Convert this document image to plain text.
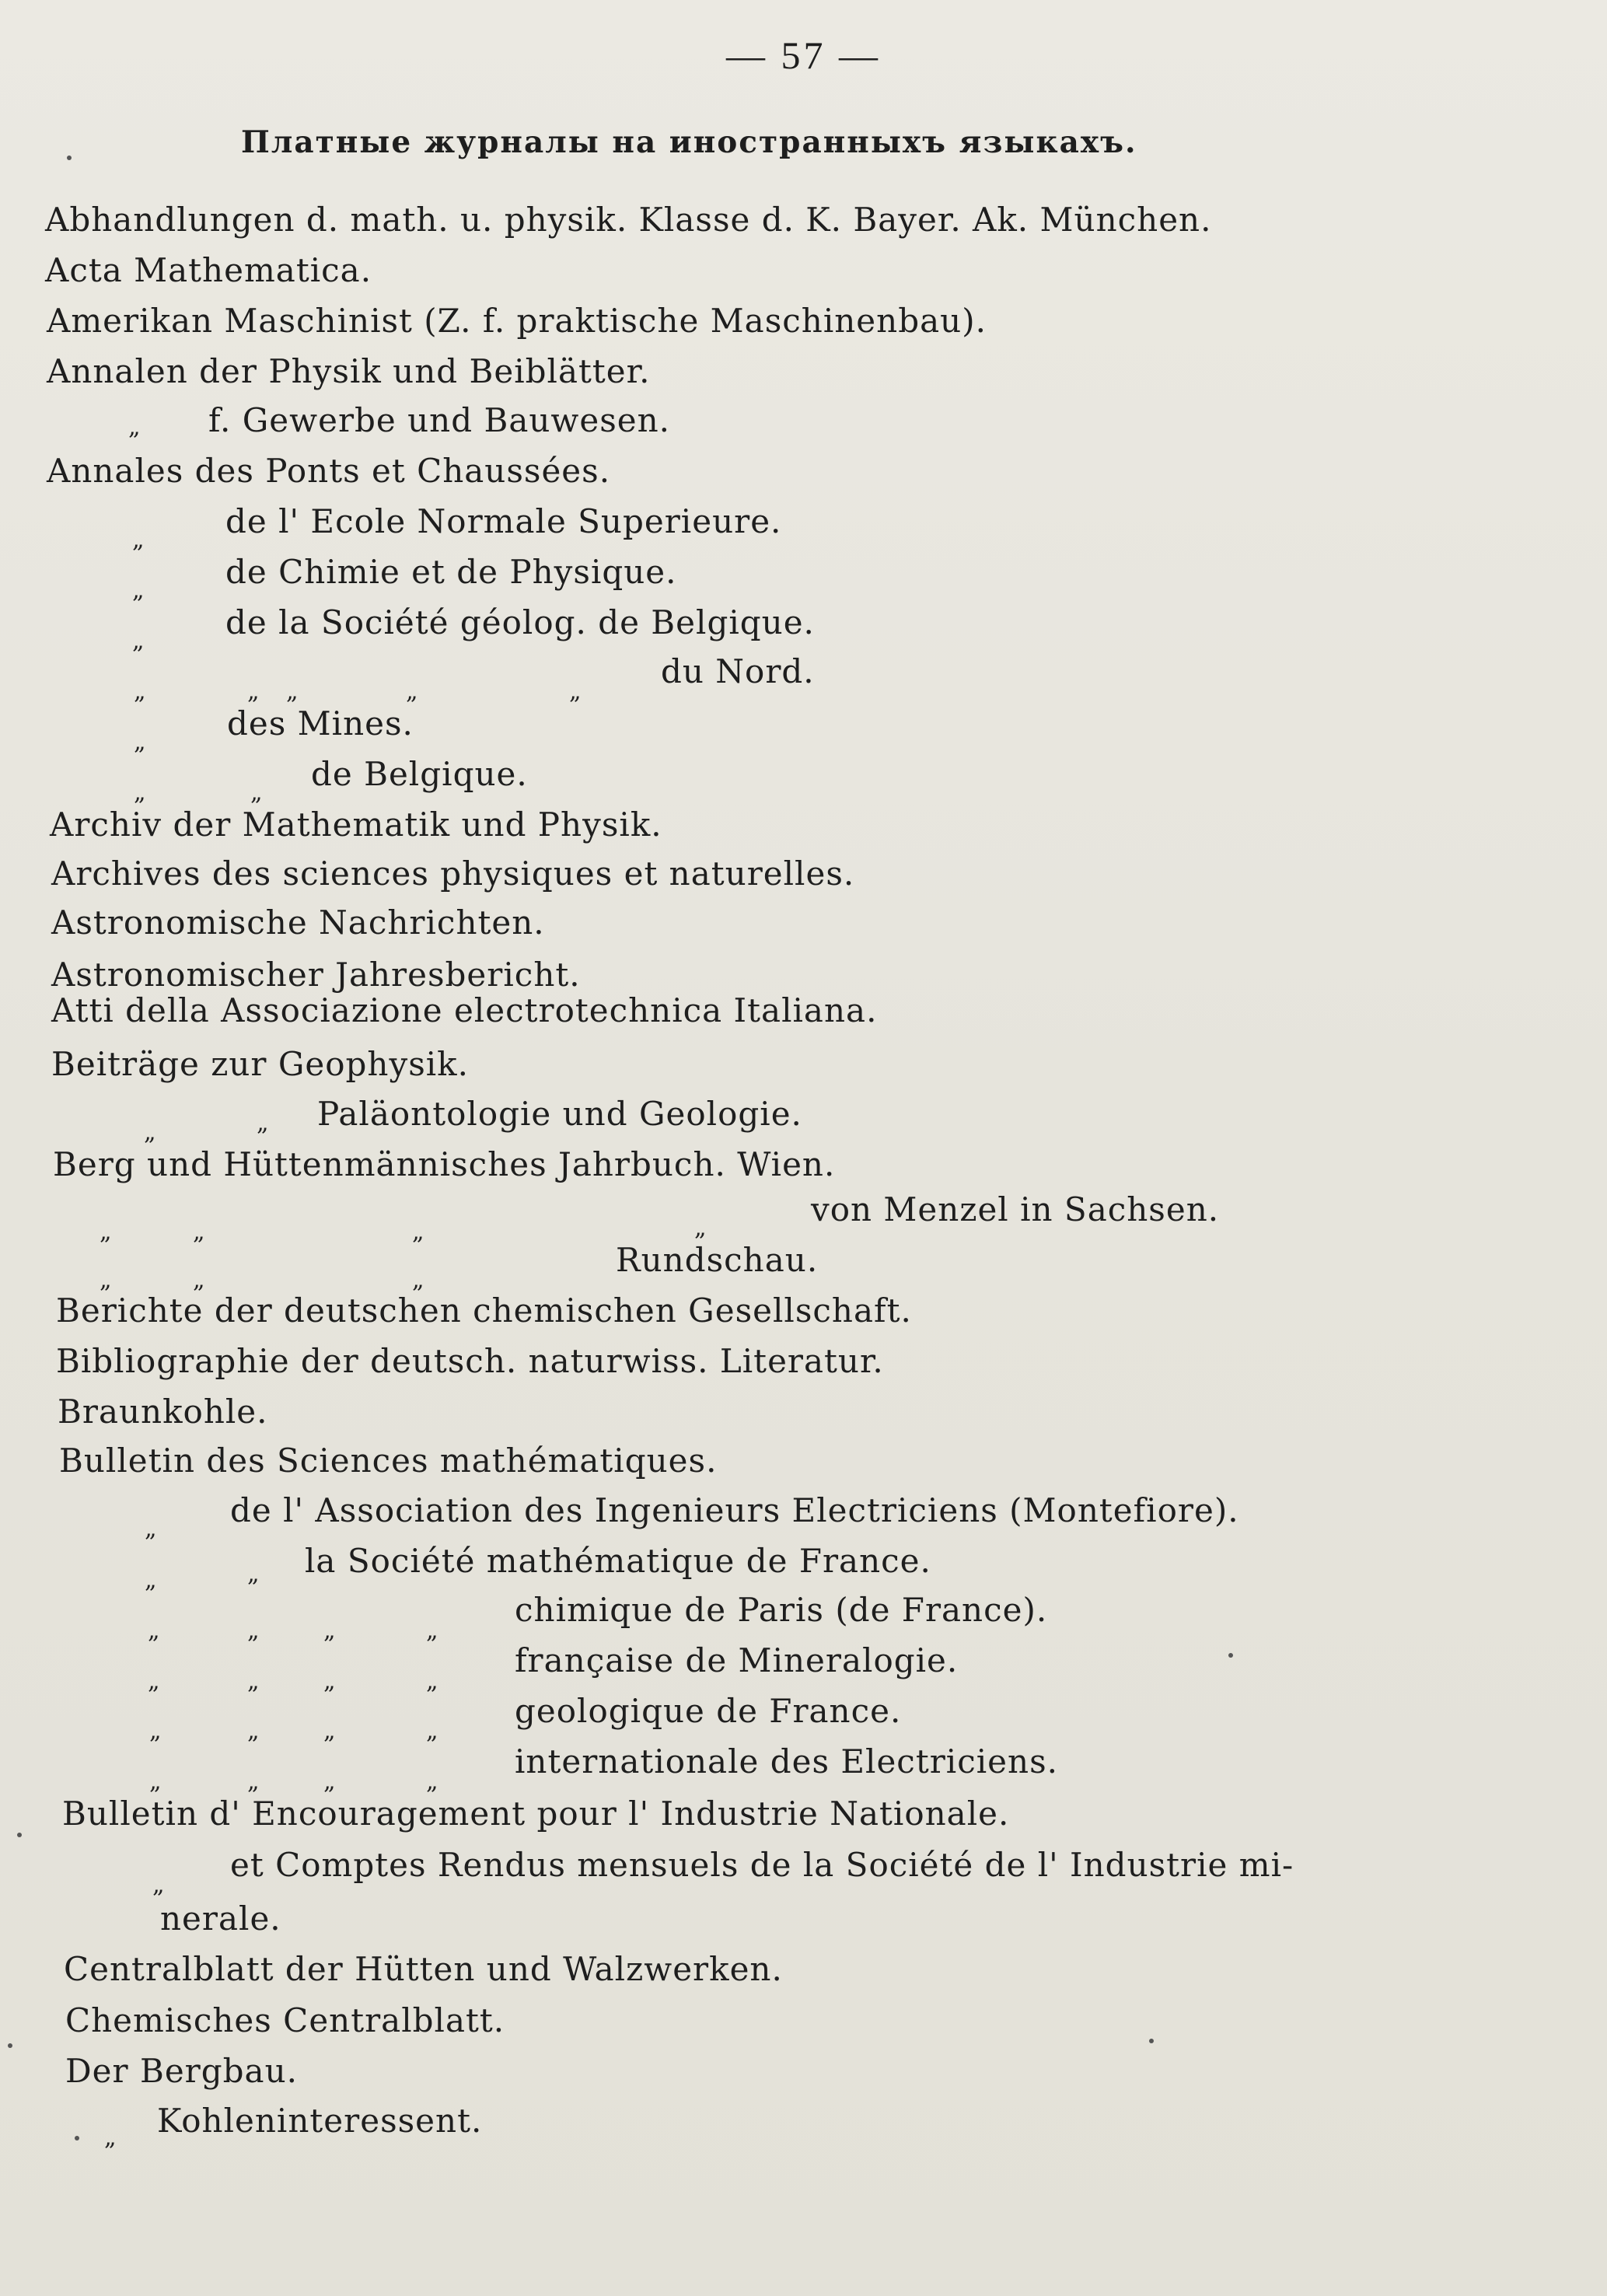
— 57 —
Платные журналы на иностранныхъ языкахъ.
Abhandlungen d. math. u. physik. Klasse d. K. Bayer. Ak. München.
Acta Mathematica.
Amerikan Maschinist (Z. f. praktische Maschinenbau).
Annalen der Physik und Beiblätter.
„ f. Gewerbe und Bauwesen.
Annales des Ponts et Chaussées.
„ de l' Ecole Normale Superieure.
„ de Chimie et de Physique.
„ de la Société géolog. de Belgique.
„	„ „	„	„
du Nord.
„ des Mines.
„	„ de Belgique.
Archiv der Mathematik und Physik.
Archives des sciences physiques et naturelles.
Astronomische Nachrichten.
Astronomischer Jahresbericht.
Atti della Associazione electrotechnica Italiana.
Beiträge zur Geophysik.
„	„ Paläontologie und Geologie.
Berg und Hüttenmännisches Jahrbuch. Wien.
„	„	„	„	von Menzel in Sachsen.
„	„	„
Rundschau.
Berichte der deutschen chemischen Gesellschaft.
Bibliographie der deutsch. naturwiss. Literatur.
Braunkohle.
Bulletin des Sciences mathématiques.
„ de l' Association des Ingenieurs Electriciens (Montefiore).
„	„ la Société mathématique de France.
„	„	„	„
chimique de Paris (de France).
„	„	„	„
française de Mineralogie.
„	„	„	„
geologique de France.
„	„	„	„
internationale des Electriciens.
Bulletin d' Encouragement pour l' Industrie Nationale.
„
et Comptes Rendus mensuels de la Société de l' Industrie mi-
nerale.
Centralblatt der Hütten und Walzwerken.
Chemisches Centralblatt.
Der Bergbau.
„ Kohleninteressent.
